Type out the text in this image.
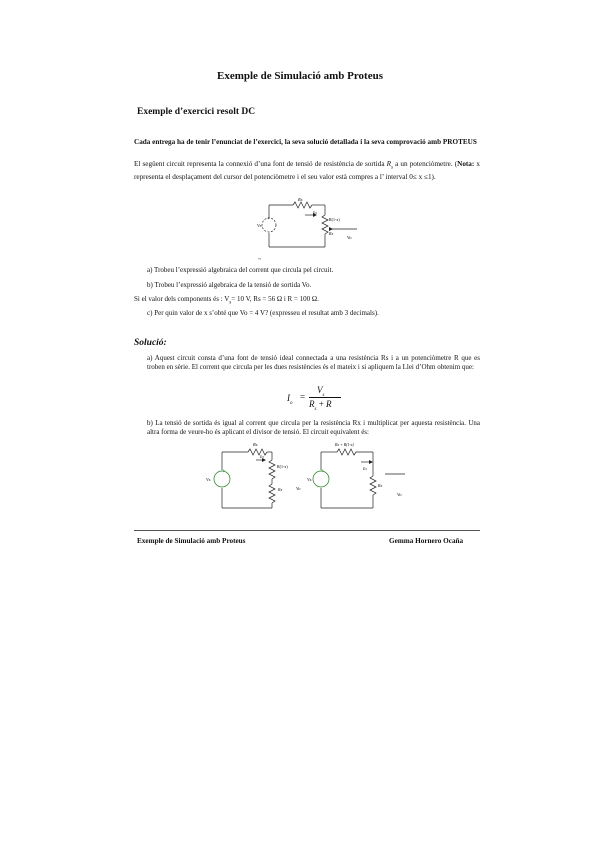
Exemple de Simulació amb Proteus
Exemple d’exercici resolt DC
Cada entrega ha de tenir l’enunciat de l’exercici, la seva solució detallada i la seva comprovació amb PROTEUS
El següent circuit representa la connexió d’una font de tensió de resistència de sortida $R_s$ a un potenciòmetre. (Nota: x representa el desplaçament del cursor del potenciòmetre i el seu valor està compres a l’ interval 0≤ x ≤1).
Rs
Io
Vs
+	R(1-x)
Rx
Vo
~
a) Trobeu l’expressió algebraica del corrent que circula pel circuit.
b) Trobeu l’expressió algebraica de la tensió de sortida Vo.
Si el valor dels components és : $V_s= 10$ V, Rs = 56 Ω i R = 100 Ω.
c) Per quin valor de x s’obté que Vo = 4 V? (expresseu el resultat amb 3 decimals).
Solució:
a) Aquest circuit consta d’una font de tensió ideal connectada a una resistència Rs i a un potenciòmetre R que es troben en sèrie. El corrent que circula per les dues resistències és el mateix i si apliquem la Llei d’Ohm obtenim que:
$I_o$
=
$V_s$
$R_s + R$
b) La tensió de sortida és igual al corrent que circula per la resistència Rx i multiplicat per aquesta resistència. Una altra forma de veure-ho és aplicant el divisor de tensió. El circuit equivalent és:
+
Rs
Io
Vs
R(1-x)
Rx	Vo
+
Rs + R(1-x)
Io
Vs
Rx
Vo
Exemple de Simulació amb Proteus	Gemma Hornero Ocaña
